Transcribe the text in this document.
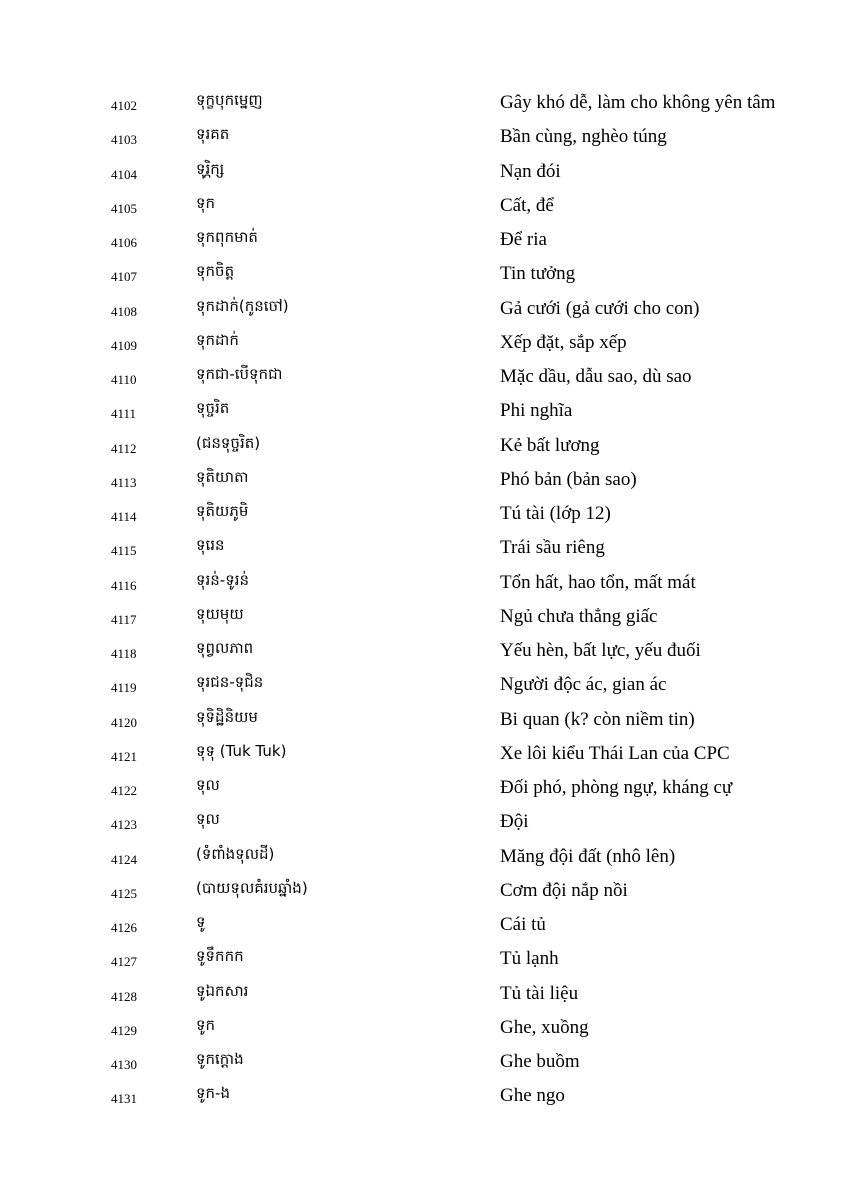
4102	ទុក្ខបុកម្នេញ	Gây khó dễ, làm cho không yên tâm
4103	ទុរគត	Bần cùng, nghèo túng
4104	ទុរ្ភិក្ស	Nạn đói
4105	ទុក	Cất, để
4106	ទុកពុកមាត់	Để ria
4107	ទុកចិត្ត	Tin tưởng
4108	ទុកដាក់(កូនចៅ)	Gả cưới (gả cưới cho con)
4109	ទុកដាក់	Xếp đặt, sắp xếp
4110	ទុកជា-បើទុកជា	Mặc dầu, dẫu sao, dù sao
4111	ទុច្ចរិត	Phi nghĩa
4112	(ជនទុច្ចរិត)	Kẻ bất lương
4113	ទុតិយាតា	Phó bản (bản sao)
4114	ទុតិយភូមិ	Tú tài (lớp 12)
4115	ទុរេន	Trái sầu riêng
4116	ទុរន់-ទូរន់	Tổn hất, hao tổn, mất mát
4117	ទុយមុយ	Ngủ chưa thẳng giấc
4118	ទុព្វលភាព	Yếu hèn, bất lực, yếu đuối
4119	ទុរជន-ទុជិន	Người độc ác, gian ác
4120	ទុទិដ្ឋិនិយម	Bi quan (k? còn niềm tin)
4121	ទុទុ (Tuk Tuk)	Xe lôi kiểu Thái Lan của CPC
4122	ទុល	Đối phó, phòng ngự, kháng cự
4123	ទុល	Đội
4124	(ទំពាំងទុលដី)	Măng đội đất (nhô lên)
4125	(បាយទុលគំរបឆ្នាំង)	Cơm đội nắp nồi
4126	ទូ	Cái tủ
4127	ទូទឹកកក	Tủ lạnh
4128	ទូឯកសារ	Tủ tài liệu
4129	ទូក	Ghe, xuồng
4130	ទូកក្ដោង	Ghe buồm
4131	ទូក-ង	Ghe ngo
